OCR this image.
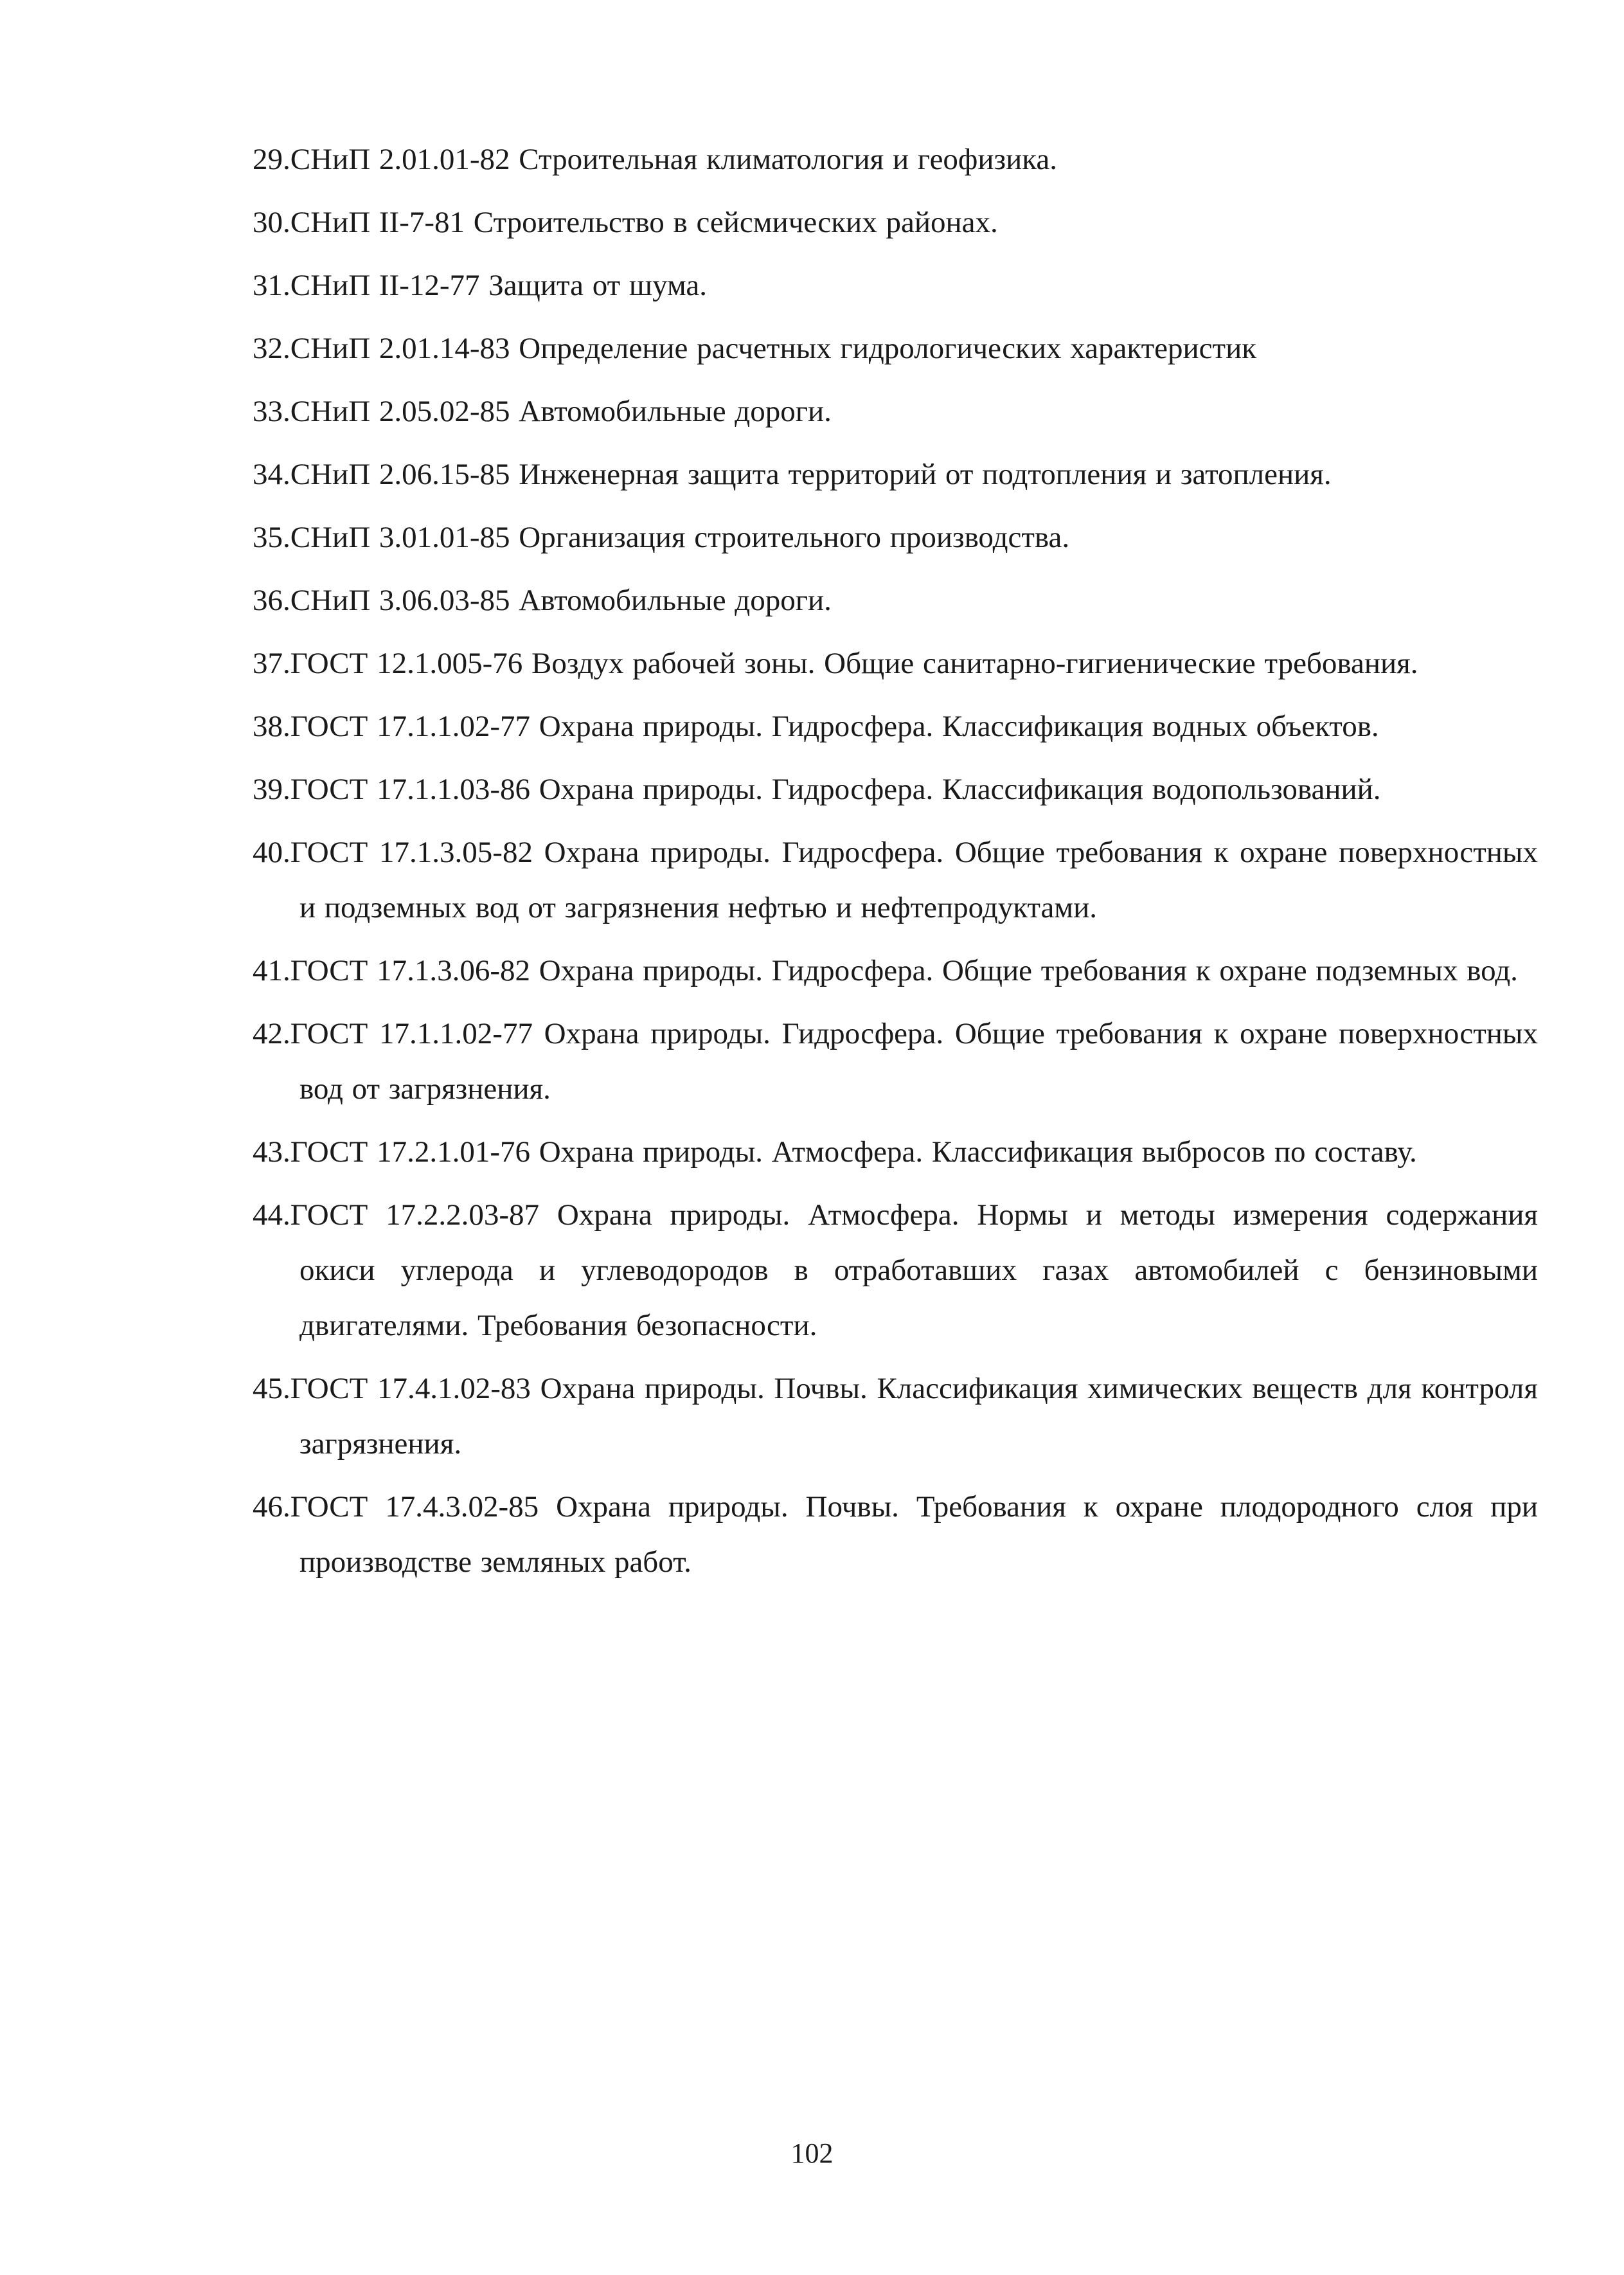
29.СНиП 2.01.01-82 Строительная климатология и геофизика.
30.СНиП II-7-81 Строительство в сейсмических районах.
31.СНиП II-12-77 Защита от шума.
32.СНиП 2.01.14-83 Определение расчетных гидрологических характеристик
33.СНиП 2.05.02-85 Автомобильные дороги.
34.СНиП 2.06.15-85 Инженерная защита территорий от подтопления и затопления.
35.СНиП 3.01.01-85 Организация строительного производства.
36.СНиП 3.06.03-85 Автомобильные дороги.
37.ГОСТ 12.1.005-76 Воздух рабочей зоны. Общие санитарно-гигиенические требования.
38.ГОСТ 17.1.1.02-77 Охрана природы. Гидросфера. Классификация водных объектов.
39.ГОСТ 17.1.1.03-86 Охрана природы. Гидросфера. Классификация водопользований.
40.ГОСТ 17.1.3.05-82 Охрана природы. Гидросфера. Общие требования к охране поверхностных и подземных вод от загрязнения нефтью и нефтепродуктами.
41.ГОСТ 17.1.3.06-82 Охрана природы. Гидросфера. Общие требования к охране подземных вод.
42.ГОСТ 17.1.1.02-77 Охрана природы. Гидросфера. Общие требования к охране поверхностных вод от загрязнения.
43.ГОСТ 17.2.1.01-76 Охрана природы. Атмосфера. Классификация выбросов по составу.
44.ГОСТ 17.2.2.03-87 Охрана природы. Атмосфера. Нормы и методы измерения содержания окиси углерода и углеводородов в отработавших газах автомобилей с бензиновыми двигателями. Требования безопасности.
45.ГОСТ 17.4.1.02-83 Охрана природы. Почвы. Классификация химических веществ для контроля загрязнения.
46.ГОСТ 17.4.3.02-85 Охрана природы. Почвы. Требования к охране плодородного слоя при производстве земляных работ.
102
